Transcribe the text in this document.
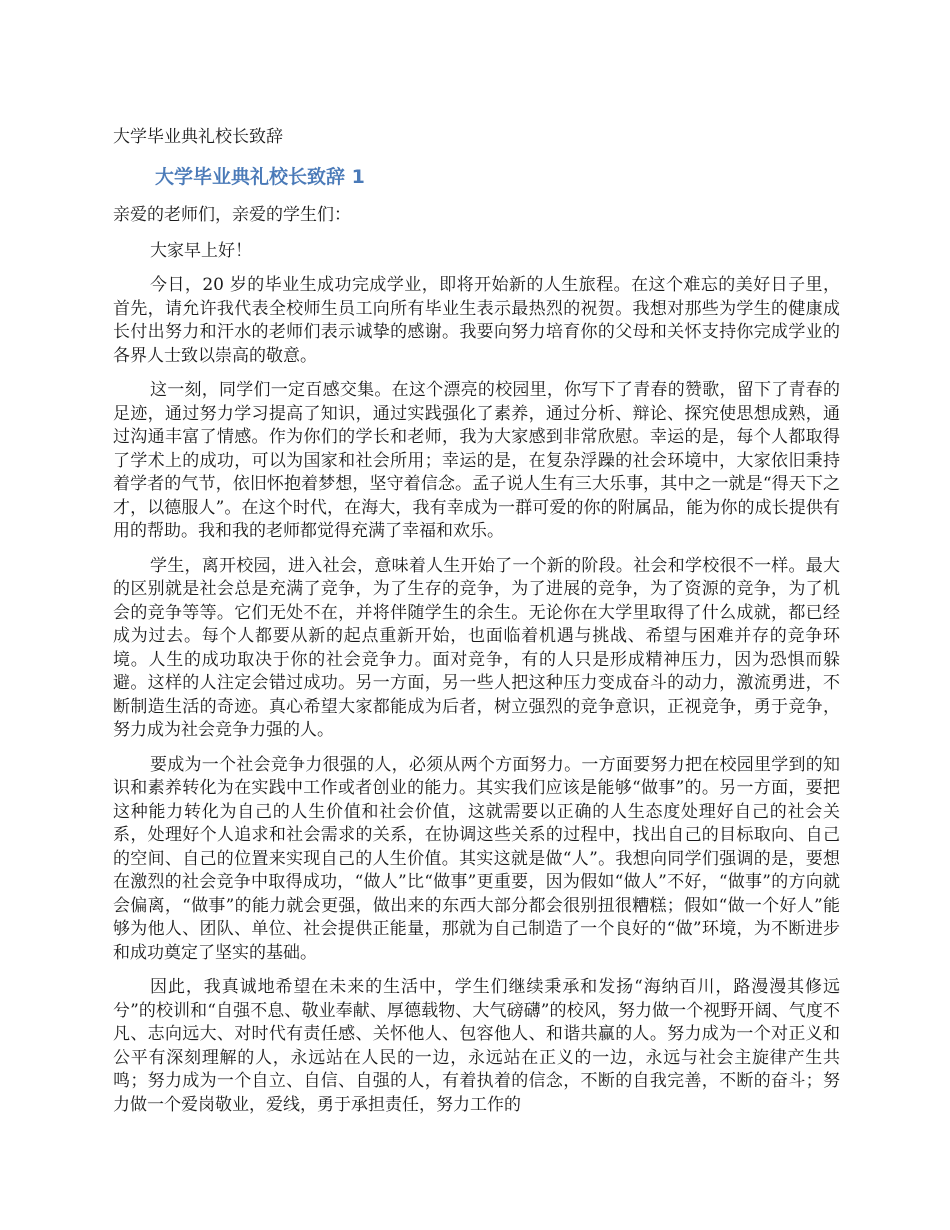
大学毕业典礼校长致辞

大学毕业典礼校长致辞 1

亲爱的老师们，亲爱的学生们：

大家早上好！

今日，20 岁的毕业生成功完成学业，即将开始新的人生旅程。在这个难忘的美好日子里，首先，请允许我代表全校师生员工向所有毕业生表示最热烈的祝贺。我想对那些为学生的健康成长付出努力和汗水的老师们表示诚挚的感谢。我要向努力培育你的父母和关怀支持你完成学业的各界人士致以崇高的敬意。

这一刻，同学们一定百感交集。在这个漂亮的校园里，你写下了青春的赞歌，留下了青春的足迹，通过努力学习提高了知识，通过实践强化了素养，通过分析、辩论、探究使思想成熟，通过沟通丰富了情感。作为你们的学长和老师，我为大家感到非常欣慰。幸运的是，每个人都取得了学术上的成功，可以为国家和社会所用；幸运的是，在复杂浮躁的社会环境中，大家依旧秉持着学者的气节，依旧怀抱着梦想，坚守着信念。孟子说人生有三大乐事，其中之一就是“得天下之才，以德服人”。在这个时代，在海大，我有幸成为一群可爱的你的附属品，能为你的成长提供有用的帮助。我和我的老师都觉得充满了幸福和欢乐。

学生，离开校园，进入社会，意味着人生开始了一个新的阶段。社会和学校很不一样。最大的区别就是社会总是充满了竞争，为了生存的竞争，为了进展的竞争，为了资源的竞争，为了机会的竞争等等。它们无处不在，并将伴随学生的余生。无论你在大学里取得了什么成就，都已经成为过去。每个人都要从新的起点重新开始，也面临着机遇与挑战、希望与困难并存的竞争环境。人生的成功取决于你的社会竞争力。面对竞争，有的人只是形成精神压力，因为恐惧而躲避。这样的人注定会错过成功。另一方面，另一些人把这种压力变成奋斗的动力，激流勇进，不断制造生活的奇迹。真心希望大家都能成为后者，树立强烈的竞争意识，正视竞争，勇于竞争，努力成为社会竞争力强的人。

要成为一个社会竞争力很强的人，必须从两个方面努力。一方面要努力把在校园里学到的知识和素养转化为在实践中工作或者创业的能力。其实我们应该是能够“做事”的。另一方面，要把这种能力转化为自己的人生价值和社会价值，这就需要以正确的人生态度处理好自己的社会关系，处理好个人追求和社会需求的关系，在协调这些关系的过程中，找出自己的目标取向、自己的空间、自己的位置来实现自己的人生价值。其实这就是做“人”。我想向同学们强调的是，要想在激烈的社会竞争中取得成功，“做人”比“做事”更重要，因为假如“做人”不好，“做事”的方向就会偏离，“做事”的能力就会更强，做出来的东西大部分都会很别扭很糟糕；假如“做一个好人”能够为他人、团队、单位、社会提供正能量，那就为自己制造了一个良好的“做”环境，为不断进步和成功奠定了坚实的基础。

因此，我真诚地希望在未来的生活中，学生们继续秉承和发扬“海纳百川，路漫漫其修远兮”的校训和“自强不息、敬业奉献、厚德载物、大气磅礴”的校风，努力做一个视野开阔、气度不凡、志向远大、对时代有责任感、关怀他人、包容他人、和谐共赢的人。努力成为一个对正义和公平有深刻理解的人，永远站在人民的一边，永远站在正义的一边，永远与社会主旋律产生共鸣；努力成为一个自立、自信、自强的人，有着执着的信念，不断的自我完善，不断的奋斗；努力做一个爱岗敬业，爱线，勇于承担责任，努力工作的
